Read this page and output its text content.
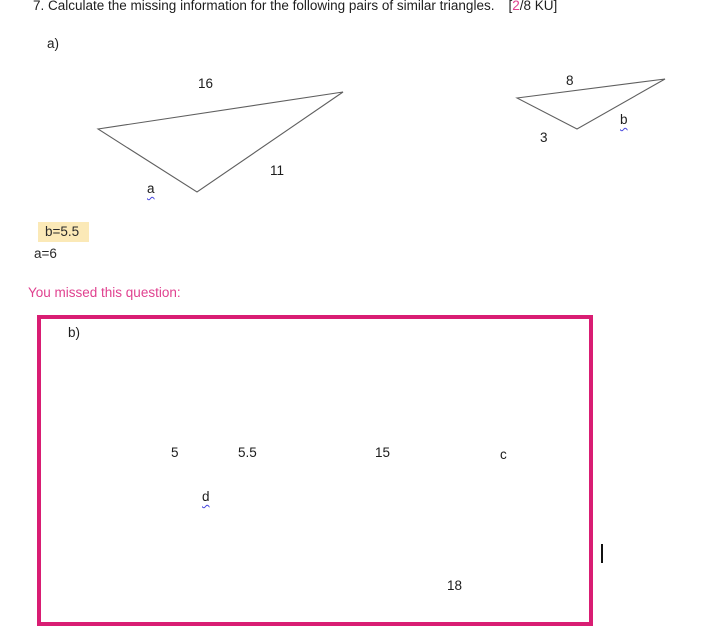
7. Calculate the missing information for the following pairs of similar triangles. [2/8 KU]
a)
16
11
a
8
b
3
b=5.5
a=6
You missed this question:
b)
5	5.5
d
15	c
18
